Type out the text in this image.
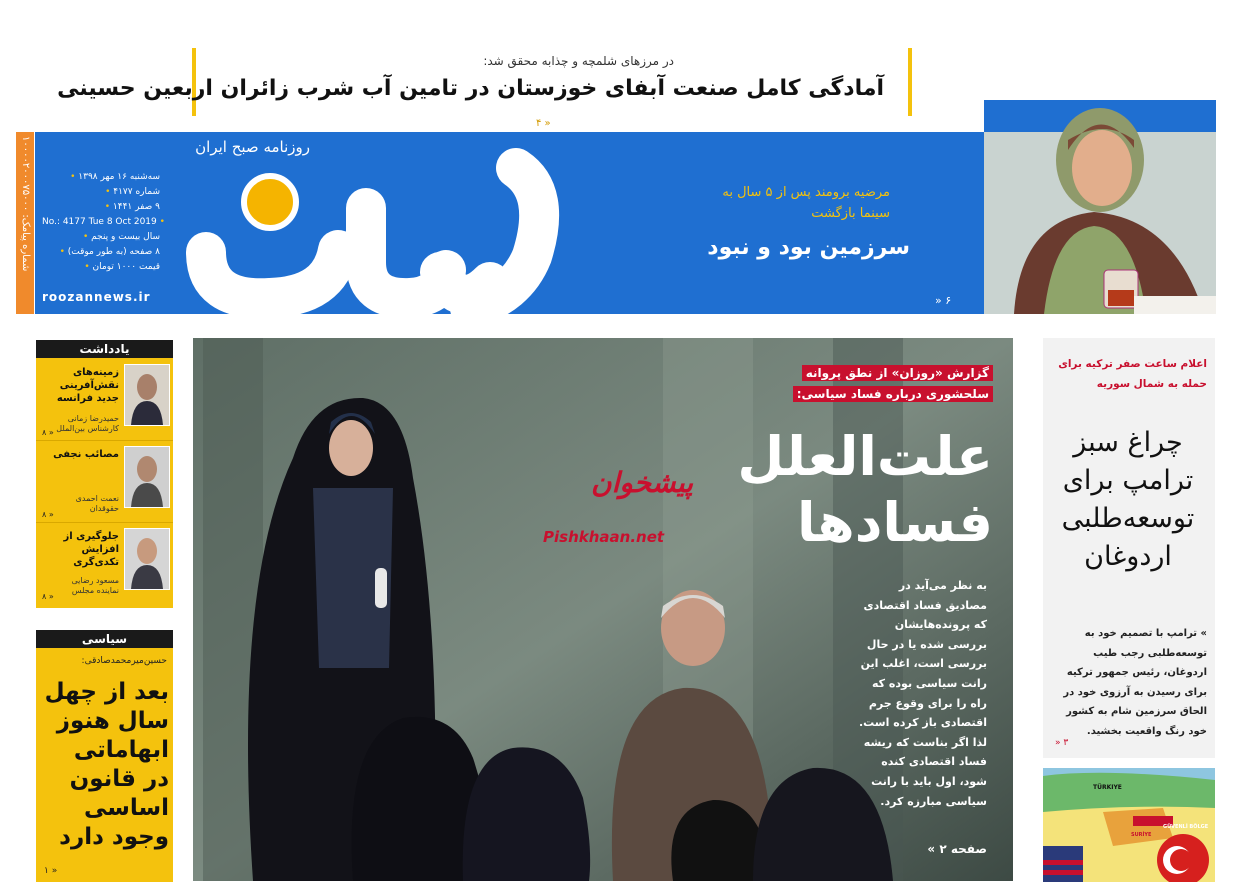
در مرزهای شلمچه و چذابه محقق شد:
آمادگی کامل صنعت آبفای خوزستان در تامین آب شرب زائران اربعین حسینی
۴ »
شماره پیامک: ۱۰۰۰۰۲۰۰۰۷۵۰۰۰
روزنامه صبح ایران
سه‌شنبه ۱۶ مهر ۱۳۹۸ •
شماره ۴۱۷۷ •
۹ صفر ۱۴۴۱ •
No.: 4177 Tue 8 Oct 2019 •
سال بیست و پنجم •
۸ صفحه (به طور موقت) •
قیمت ۱۰۰۰ تومان •
roozannews.ir
مرضیه برومند پس از ۵ سال به سینما بازگشت
سرزمین بود و نبود
» ۶
یادداشت
زمینه‌های نقش‌آفرینی جدید فرانسه
حمیدرضا زمانی
کارشناس بین‌الملل
۸ »
مصائب نجفی
نعمت احمدی
حقوقدان
۸ »
جلوگیری از افزایش تکدی‌گری
مسعود رضایی
نماینده مجلس
۸ »
سیاسی
حسین‌میرمحمدصادقی:
بعد از چهل سال هنوز ابهاماتی در قانون اساسی وجود دارد
۱ »
گزارش «روزان» از نطق پروانه سلحشوری درباره فساد سیاسی:
علت‌العلل فسادها
به نظر می‌آید در مصادیق فساد اقتصادی که پرونده‌هایشان بررسی شده یا در حال بررسی است، اغلب این رانت سیاسی بوده که راه را برای وقوع جرم اقتصادی باز کرده است. لذا اگر بناست که ریشه فساد اقتصادی کنده شود، اول باید با رانت سیاسی مبارزه کرد.
صفحه ۲ »
پیشخوان
Pishkhaan.net
اعلام ساعت صفر ترکیه برای حمله به شمال سوریه
چراغ سبز ترامپ برای توسعه‌طلبی اردوغان
» ترامپ با تصمیم خود به توسعه‌طلبی رجب طیب اردوغان، رئیس جمهور ترکیه برای رسیدن به آرزوی خود در الحاق سرزمین شام به کشور خود رنگ واقعیت بخشید.
» ۳
TÜRKIYE
GÜVENLİ BÖLGE
SURİYE
